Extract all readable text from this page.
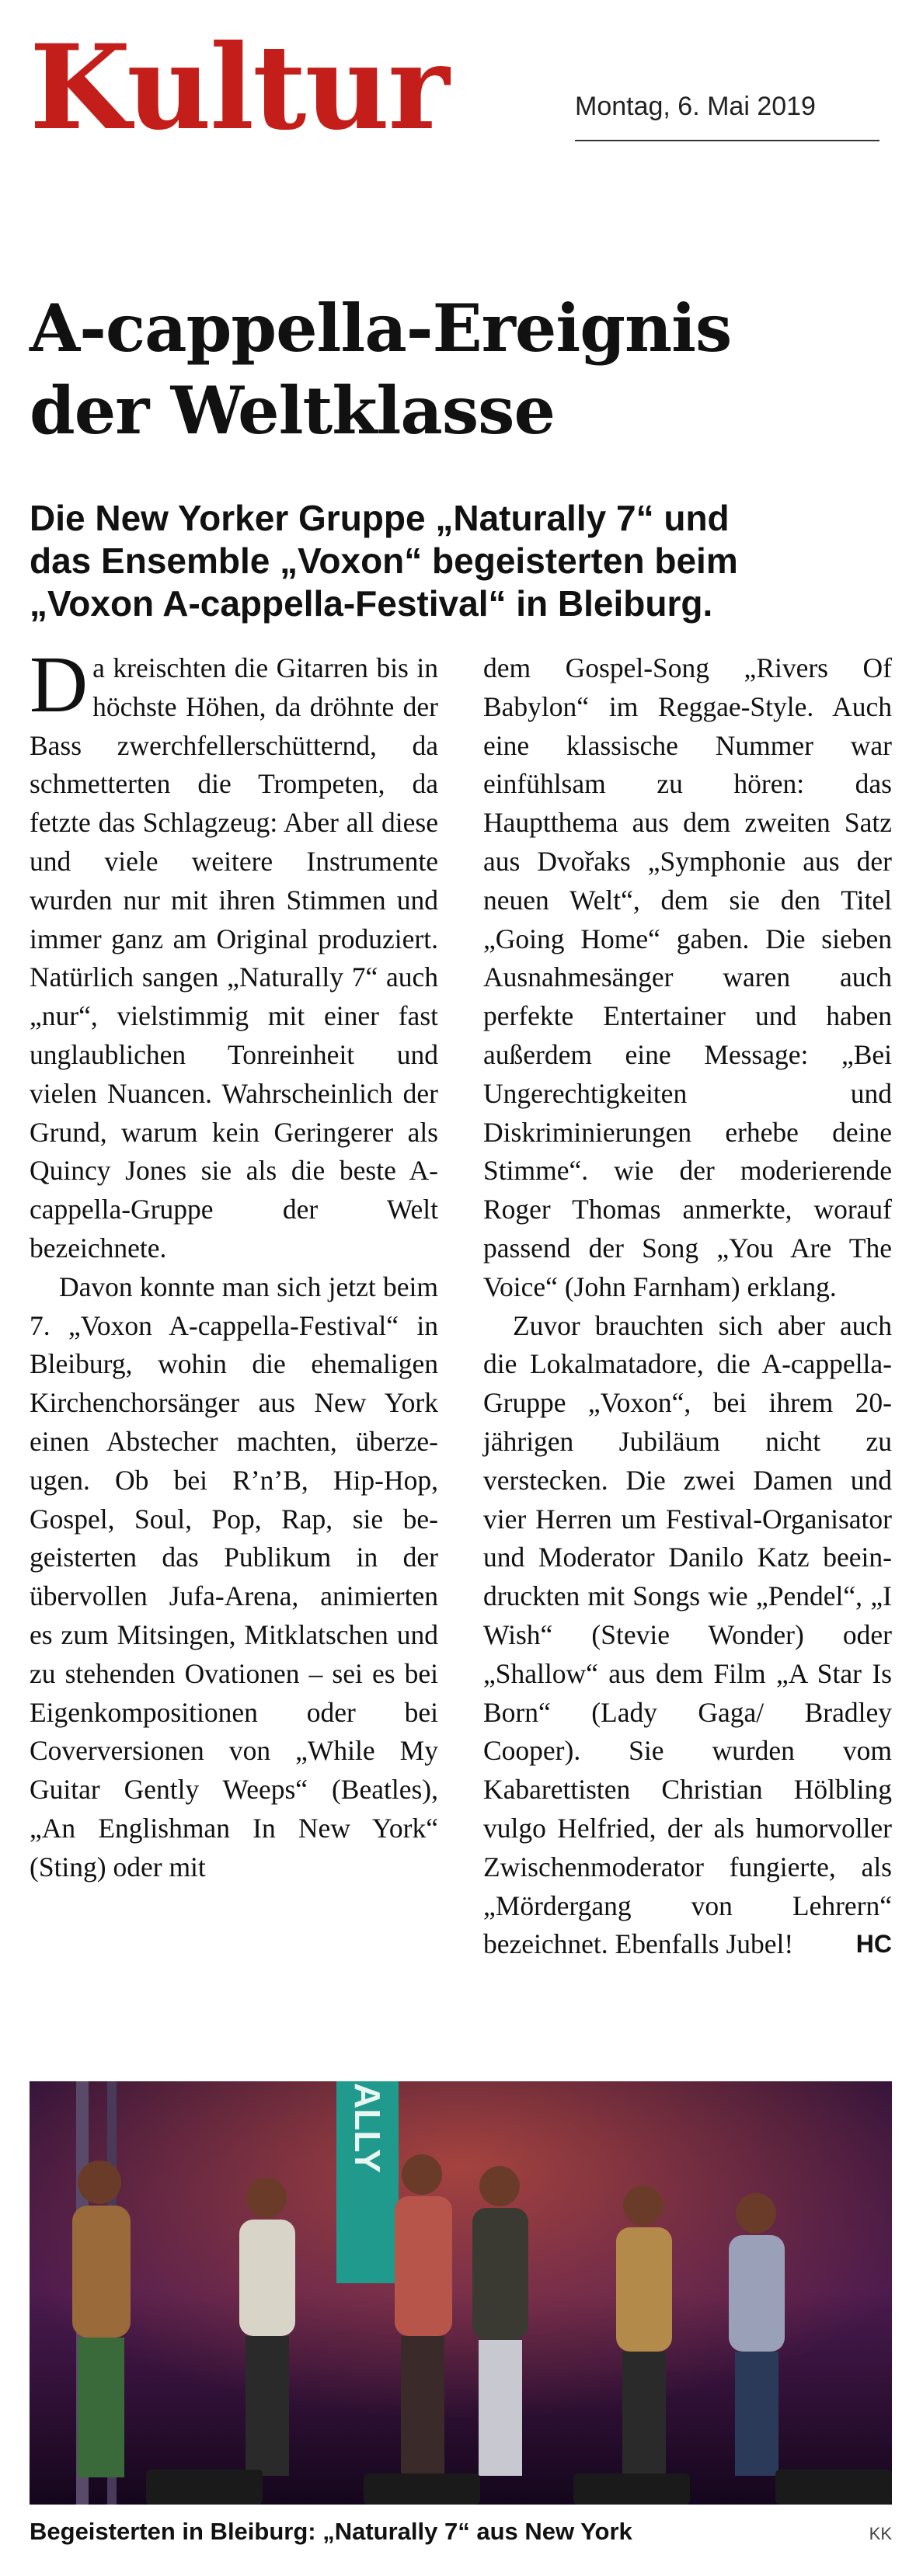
Kultur	Montag, 6. Mai 2019
A-cappella-Ereignis
der Weltklasse
Die New Yorker Gruppe „Naturally 7“ und
das Ensemble „Voxon“ begeisterten beim
„Voxon A-cappella-Festival“ in Bleiburg.

Da kreischten die Gitarren bis in höchste Höhen, da dröhnte der Bass zwerchfellerschütternd, da schmetterten die Trompeten, da fetzte das Schlagzeug: Aber all diese und viele weitere Instrumente wurden nur mit ihren Stimmen und immer ganz am Original produziert. Natürlich sangen „Naturally 7“ auch „nur“, vielstimmig mit einer fast unglaublichen Tonreinheit und vielen Nuancen. Wahrscheinlich der Grund, warum kein Geringerer als Quincy Jones sie als die beste A-cappella-Gruppe der Welt bezeichnete.

Davon konnte man sich jetzt beim 7. „Voxon A-cappella-Festival“ in Bleiburg, wohin die ehemaligen Kirchenchorsänger aus New York einen Abstecher machten, überzeugen. Ob bei R’n’B, Hip-Hop, Gospel, Soul, Pop, Rap, sie begeisterten das Publikum in der übervollen Jufa-Arena, animierten es zum Mitsingen, Mitklatschen und zu stehenden Ovationen – sei es bei Eigenkompositionen oder bei Coverversionen von „While My Guitar Gently Weeps“ (Beatles), „An Englishman In New York“ (Sting) oder mit

dem Gospel-Song „Rivers Of Babylon“ im Reggae-Style. Auch eine klassische Nummer war einfühlsam zu hören: das Hauptthema aus dem zweiten Satz aus Dvořaks „Symphonie aus der neuen Welt“, dem sie den Titel „Going Home“ gaben. Die sieben Ausnahmesänger waren auch perfekte Entertainer und haben außerdem eine Message: „Bei Ungerechtigkeiten und Diskriminierungen erhebe deine Stimme“. wie der moderierende Roger Thomas anmerkte, worauf passend der Song „You Are The Voice“ (John Farnham) erklang.

Zuvor brauchten sich aber auch die Lokalmatadore, die A-cappella-Gruppe „Voxon“, bei ihrem 20-jährigen Jubiläum nicht zu verstecken. Die zwei Damen und vier Herren um Festival-Organisator und Moderator Danilo Katz beeindruckten mit Songs wie „Pendel“, „I Wish“ (Stevie Wonder) oder „Shallow“ aus dem Film „A Star Is Born“ (Lady Gaga/ Bradley Cooper). Sie wurden vom Kabarettisten Christian Hölbling vulgo Helfried, der als humorvoller Zwischenmoderator fungierte, als „Mördergang von Lehrern“ bezeichnet. Ebenfalls Jubel!	HC

ALLY
Begeisterten in Bleiburg: „Naturally 7“ aus New York	KK
